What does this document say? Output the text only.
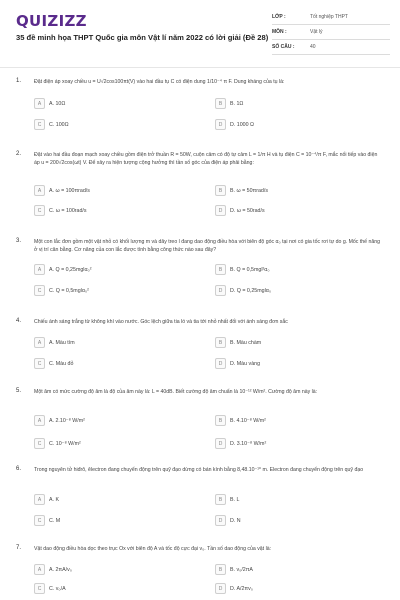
QUIZIZZ
35 đề minh họa THPT Quốc gia môn Vật lí năm 2022 có lời giải (Đề 28)
LỚP :	Tốt nghiệp THPT
MÔN :	Vật lý
SỐ CÂU :	40
1. Đặt điện áp xoay chiều u = U√2cos100πt(V) vào hai đầu tụ C có điện dung 1/10⁻⁴ π F. Dung kháng của tụ là:
A	A. 10Ω	B	B. 1Ω
C	C. 100Ω	D	D. 1000 Ω
2. Đặt vào hai đầu đoạn mạch xoay chiều gồm điện trở thuần R = 50W, cuộn cảm có độ tự cảm L = 1/π H và tụ điện C = 10⁻⁴/π F, mắc nối tiếp vào điện áp u = 200√2cos(ωt) V. Để xảy ra hiện tượng cộng hưởng thì tần số góc của điện áp phải bằng:
A	A. ω = 100πrad/s	B	B. ω = 50πrad/s
C	C. ω = 100rad/s	D	D. ω = 50rad/s
3. Một con lắc đơn gồm một vật nhỏ có khối lượng m và dây treo l đang dao động điều hòa với biên độ góc α₀ tại nơi có gia tốc rơi tự do g. Mốc thế năng ở vị trí cân bằng. Cơ năng của con lắc được tính bằng công thức nào sau đây?
A	A. Q = 0,25mglα₀²	B	B. Q = 0,5mgl²α₀
C	C. Q = 0,5mglα₀²	D	D. Q = 0,25mglα₀
4. Chiếu ánh sáng trắng từ không khí vào nước. Góc lệch giữa tia ló và tia tới nhỏ nhất đối với ánh sáng đơn sắc
A	A. Màu tím	B	B. Màu chàm
C	C. Màu đỏ	D	D. Màu vàng
5. Một âm có mức cường độ âm là độ của âm này là: L = 40dB. Biết cường độ âm chuẩn là 10⁻¹² W/m². Cường độ âm này là:
A	A. 2.10⁻⁸ W/m²	B	B. 4.10⁻⁸ W/m²
C	C. 10⁻⁸ W/m²	D	D. 3.10⁻⁸ W/m²
6. Trong nguyên tử hiđrô, êlectron đang chuyển động trên quỹ đạo dừng có bán kính bằng 8,48.10⁻¹⁰ m. Electron đang chuyển động trên quỹ đạo
A	A. K	B	B. L
C	C. M	D	D. N
7. Vật dao động điều hòa dọc theo trục Ox với biên độ A và tốc độ cực đại v₀. Tần số dao động của vật là:
A	A. 2πA/v₀	B	B. v₀/2πA
C	C. v₀/A	D	D. A/2πv₀
